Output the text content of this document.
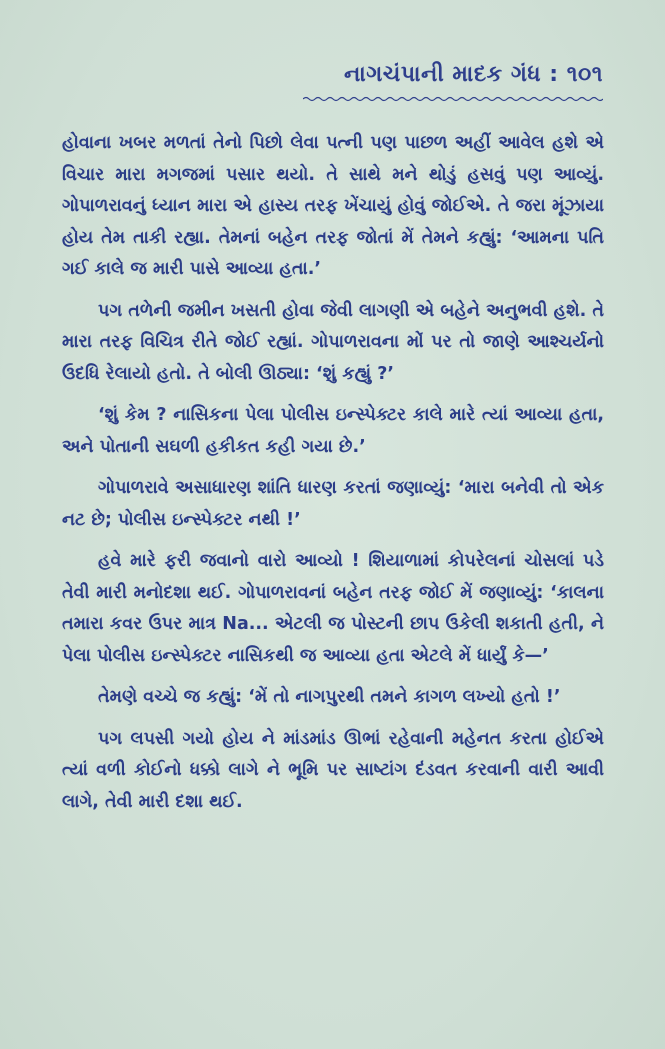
નાગચંપાની માદક ગંધ : ૧૦૧

હોવાના ખબર મળતાં તેનો પિછો લેવા પત્ની પણ પાછળ અહીં આવેલ હશે એ વિચાર મારા મગજમાં પસાર થયો. તે સાથે મને થોડું હસવું પણ આવ્યું. ગોપાળરાવનું ધ્યાન મારા એ હાસ્ય તરફ ખેંચાયું હોવું જોઈએ. તે જરા મૂંઝાયા હોય તેમ તાકી રહ્યા. તેમનાં બહેન તરફ જોતાં મેં તેમને કહ્યું: ‘આમના પતિ ગઈ કાલે જ મારી પાસે આવ્યા હતા.’

પગ તળેની જમીન ખસતી હોવા જેવી લાગણી એ બહેને અનુભવી હશે. તે મારા તરફ વિચિત્ર રીતે જોઈ રહ્યાં. ગોપાળરાવના મોં પર તો જાણે આશ્ચર્યનો ઉદધિ રેલાયો હતો. તે બોલી ઊઠ્યા: ‘શું કહ્યું ?’

‘શું કેમ ? નાસિકના પેલા પોલીસ ઇન્સ્પેક્ટર કાલે મારે ત્યાં આવ્યા હતા, અને પોતાની સઘળી હકીકત કહી ગયા છે.’

ગોપાળરાવે અસાધારણ શાંતિ ધારણ કરતાં જણાવ્યું: ‘મારા બનેવી તો એક નટ છે; પોલીસ ઇન્સ્પેક્ટર નથી !’

હવે મારે ફરી જવાનો વારો આવ્યો ! શિયાળામાં કોપરેલનાં ચોસલાં પડે તેવી મારી મનોદશા થઈ. ગોપાળરાવનાં બહેન તરફ જોઈ મેં જણાવ્યું: ‘કાલના તમારા કવર ઉપર માત્ર Na... એટલી જ પોસ્ટની છાપ ઉકેલી શકાતી હતી, ને પેલા પોલીસ ઇન્સ્પેક્ટર નાસિકથી જ આવ્યા હતા એટલે મેં ધાર્યું કે—’

તેમણે વચ્ચે જ કહ્યું: ‘મેં તો નાગપુરથી તમને કાગળ લખ્યો હતો !’

પગ લપસી ગયો હોય ને માંડમાંડ ઊભાં રહેવાની મહેનત કરતા હોઈએ ત્યાં વળી કોઈનો ધક્કો લાગે ને ભૂમિ પર સાષ્ટાંગ દંડવત કરવાની વારી આવી લાગે, તેવી મારી દશા થઈ.
